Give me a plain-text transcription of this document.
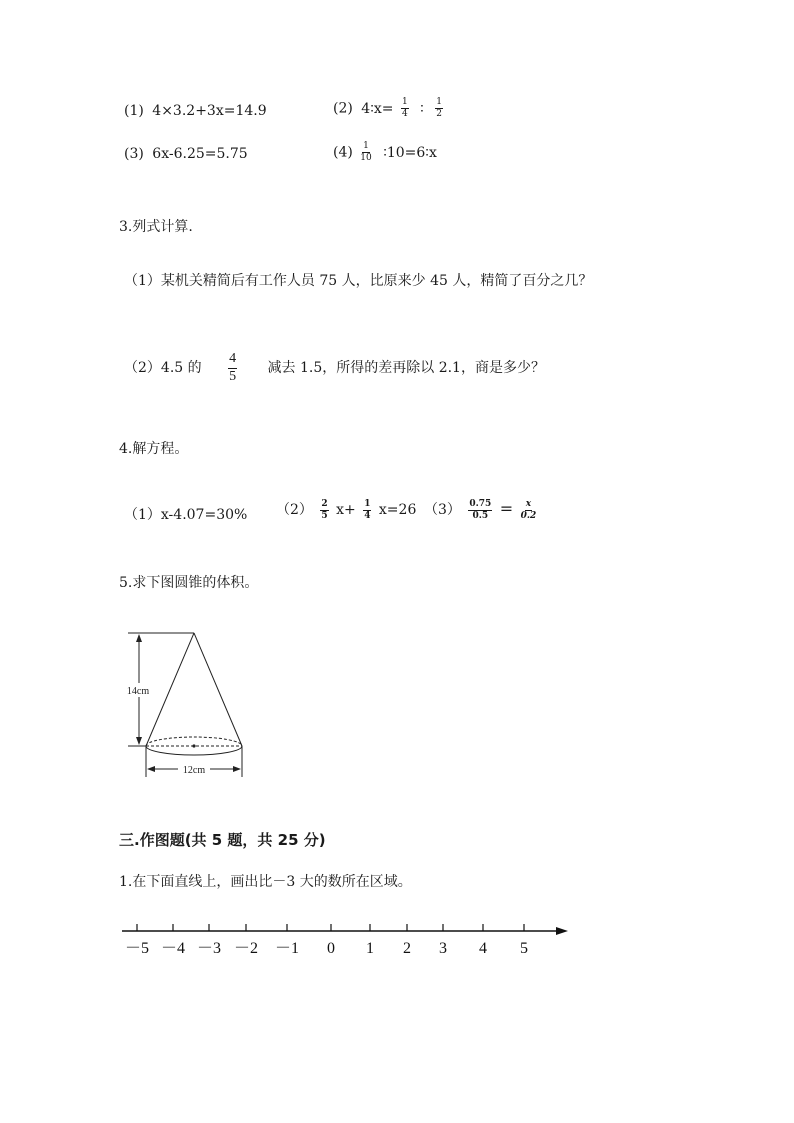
(1) 4×3.2+3x=14.9	(2) 4∶x= $\frac{1}{4}$ ∶ $\frac{1}{2}$
(3) 6x-6.25=5.75	$(4) \frac{1}{10}$ ∶10=6∶x
3.列式计算.
（1）某机关精简后有工作人员 75 人，比原来少 45 人，精简了百分之几？
（2）4.5 的 $\frac{4}{5}$ 减去 1.5，所得的差再除以 2.1，商是多少？
4.解方程。
（1）x-4.07=30% $(2) \frac{2}{5} x+ \frac{1}{4} x=26$ $(3) \frac{0.75}{0.5} = \frac{x}{0.2}$
5.求下图圆锥的体积。
14cm
12cm
三.作图题(共 5 题，共 25 分)
1.在下面直线上，画出比－3 大的数所在区域。
－5 －4 －3 －2 －1 0 1 2 3 4 5
